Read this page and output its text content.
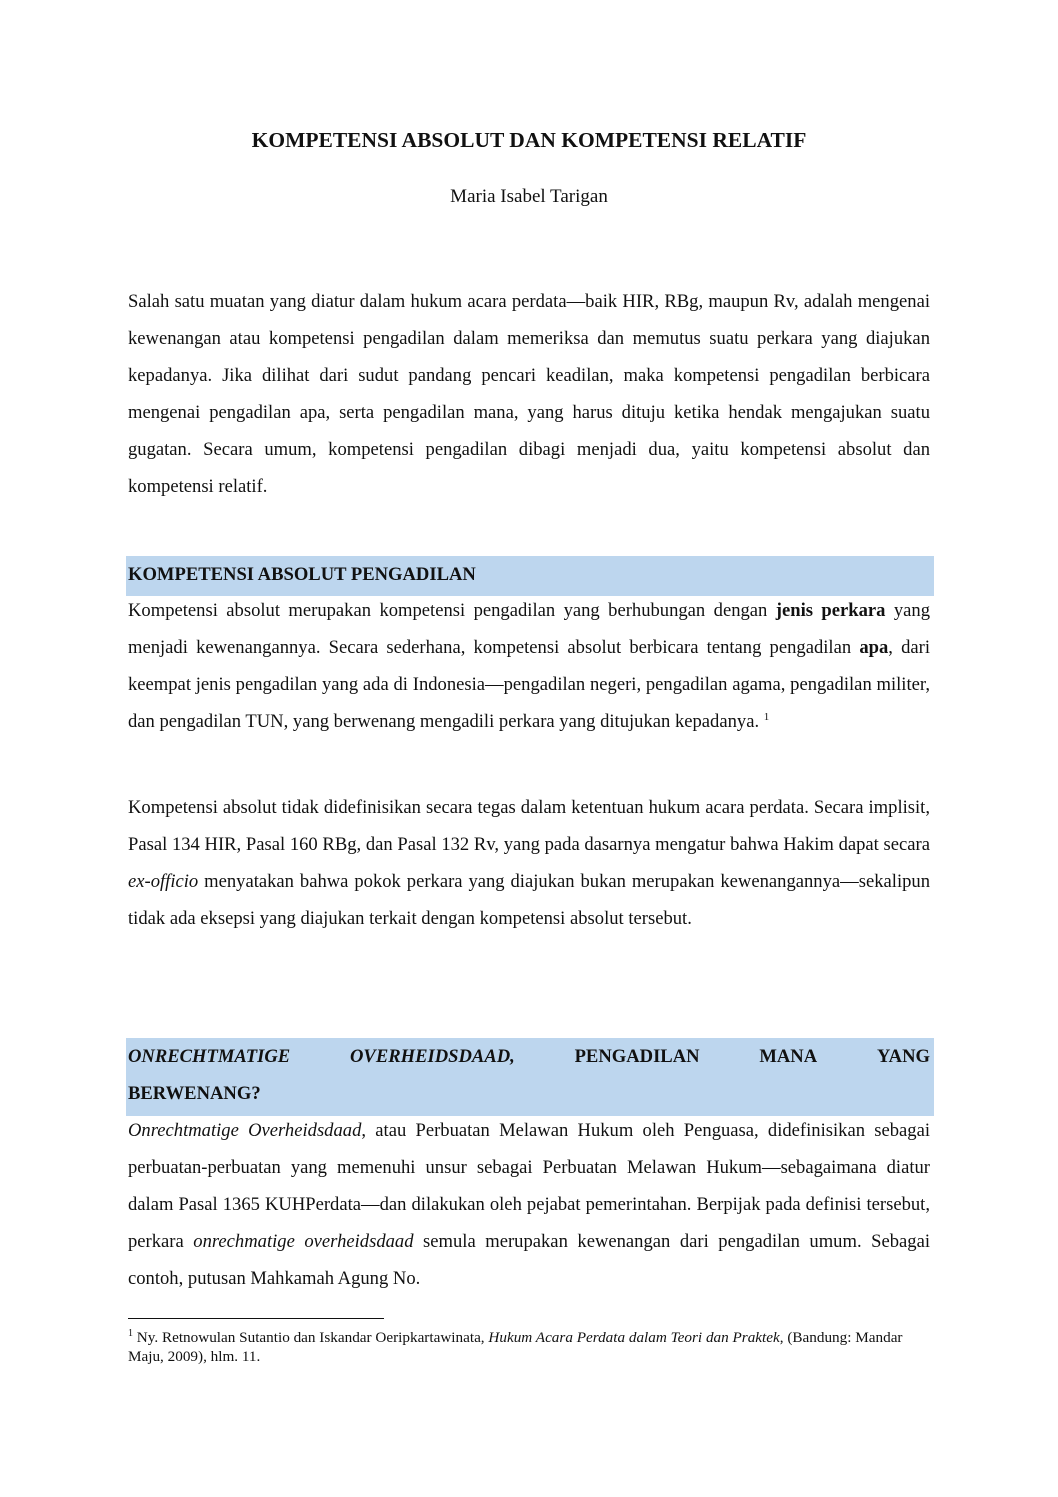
KOMPETENSI ABSOLUT DAN KOMPETENSI RELATIF
Maria Isabel Tarigan

Salah satu muatan yang diatur dalam hukum acara perdata—baik HIR, RBg, maupun Rv, adalah mengenai kewenangan atau kompetensi pengadilan dalam memeriksa dan memutus suatu perkara yang diajukan kepadanya. Jika dilihat dari sudut pandang pencari keadilan, maka kompetensi pengadilan berbicara mengenai pengadilan apa, serta pengadilan mana, yang harus dituju ketika hendak mengajukan suatu gugatan. Secara umum, kompetensi pengadilan dibagi menjadi dua, yaitu kompetensi absolut dan kompetensi relatif.

KOMPETENSI ABSOLUT PENGADILAN

Kompetensi absolut merupakan kompetensi pengadilan yang berhubungan dengan jenis perkara yang menjadi kewenangannya. Secara sederhana, kompetensi absolut berbicara tentang pengadilan apa, dari keempat jenis pengadilan yang ada di Indonesia—pengadilan negeri, pengadilan agama, pengadilan militer, dan pengadilan TUN, yang berwenang mengadili perkara yang ditujukan kepadanya. $^1$

Kompetensi absolut tidak didefinisikan secara tegas dalam ketentuan hukum acara perdata. Secara implisit, Pasal 134 HIR, Pasal 160 RBg, dan Pasal 132 Rv, yang pada dasarnya mengatur bahwa Hakim dapat secara ex-officio menyatakan bahwa pokok perkara yang diajukan bukan merupakan kewenangannya—sekalipun tidak ada eksepsi yang diajukan terkait dengan kompetensi absolut tersebut.

ONRECHTMATIGE	OVERHEIDSDAAD,	PENGADILAN	MANA	YANG
BERWENANG?

Onrechtmatige Overheidsdaad, atau Perbuatan Melawan Hukum oleh Penguasa, didefinisikan sebagai perbuatan-perbuatan yang memenuhi unsur sebagai Perbuatan Melawan Hukum—sebagaimana diatur dalam Pasal 1365 KUHPerdata—dan dilakukan oleh pejabat pemerintahan. Berpijak pada definisi tersebut, perkara onrechmatige overheidsdaad semula merupakan kewenangan dari pengadilan umum. Sebagai contoh, putusan Mahkamah Agung No.

$^1$ Ny. Retnowulan Sutantio dan Iskandar Oeripkartawinata, Hukum Acara Perdata dalam Teori dan Praktek, (Bandung: Mandar Maju, 2009), hlm. 11.
